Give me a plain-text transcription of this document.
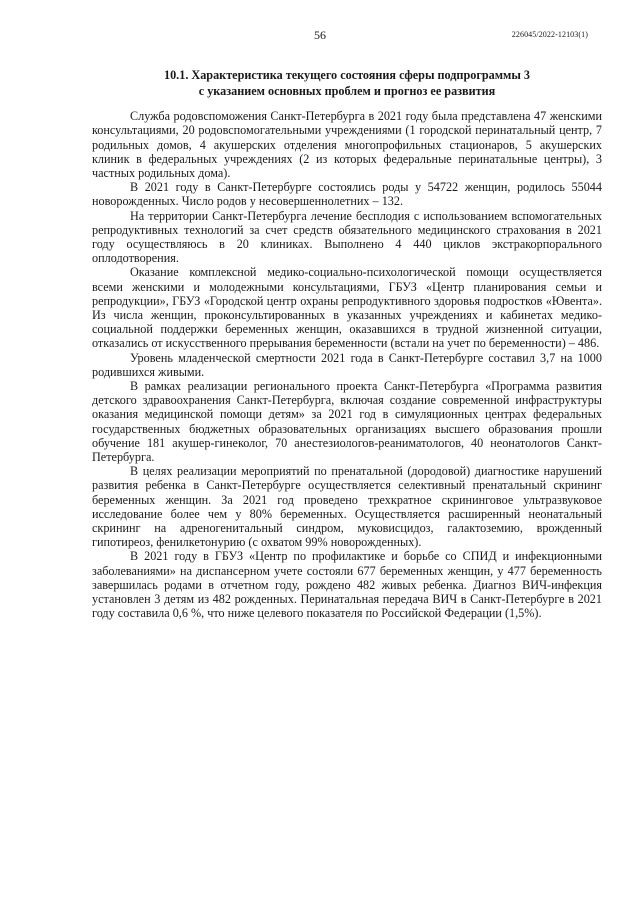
56	226045/2022-12103(1)
10.1. Характеристика текущего состояния сферы подпрограммы 3
с указанием основных проблем и прогноз ее развития

Служба родовспоможения Санкт-Петербурга в 2021 году была представлена 47 женскими консультациями, 20 родовспомогательными учреждениями (1 городской перинатальный центр, 7 родильных домов, 4 акушерских отделения многопрофильных стационаров, 5 акушерских клиник в федеральных учреждениях (2 из которых федеральные перинатальные центры), 3 частных родильных дома).

В 2021 году в Санкт-Петербурге состоялись роды у 54722 женщин, родилось 55044 новорожденных. Число родов у несовершеннолетних – 132.

На территории Санкт-Петербурга лечение бесплодия с использованием вспомогательных репродуктивных технологий за счет средств обязательного медицинского страхования в 2021 году осуществляюсь в 20 клиниках. Выполнено 4 440 циклов экстракорпорального оплодотворения.

Оказание комплексной медико-социально-психологической помощи осуществляется всеми женскими и молодежными консультациями, ГБУЗ «Центр планирования семьи и репродукции», ГБУЗ «Городской центр охраны репродуктивного здоровья подростков «Ювента». Из числа женщин, проконсультированных в указанных учреждениях и кабинетах медико-социальной поддержки беременных женщин, оказавшихся в трудной жизненной ситуации, отказались от искусственного прерывания беременности (встали на учет по беременности) – 486.

Уровень младенческой смертности 2021 года в Санкт-Петербурге составил 3,7 на 1000 родившихся живыми.

В рамках реализации регионального проекта Санкт-Петербурга «Программа развития детского здравоохранения Санкт-Петербурга, включая создание современной инфраструктуры оказания медицинской помощи детям» за 2021 год в симуляционных центрах федеральных государственных бюджетных образовательных организациях высшего образования прошли обучение 181 акушер-гинеколог, 70 анестезиологов-реаниматологов, 40 неонатологов Санкт-Петербурга.

В целях реализации мероприятий по пренатальной (дородовой) диагностике нарушений развития ребенка в Санкт-Петербурге осуществляется селективный пренатальный скрининг беременных женщин. За 2021 год проведено трехкратное скрининговое ультразвуковое исследование более чем у 80% беременных. Осуществляется расширенный неонатальный скрининг на адреногенитальный синдром, муковисцидоз, галактоземию, врожденный гипотиреоз, фенилкетонурию (с охватом 99% новорожденных).

В 2021 году в ГБУЗ «Центр по профилактике и борьбе со СПИД и инфекционными заболеваниями» на диспансерном учете состояли 677 беременных женщин, у 477 беременность завершилась родами в отчетном году, рождено 482 живых ребенка. Диагноз ВИЧ-инфекция установлен 3 детям из 482 рожденных. Перинатальная передача ВИЧ в Санкт-Петербурге в 2021 году составила 0,6 %, что ниже целевого показателя по Российской Федерации (1,5%).
